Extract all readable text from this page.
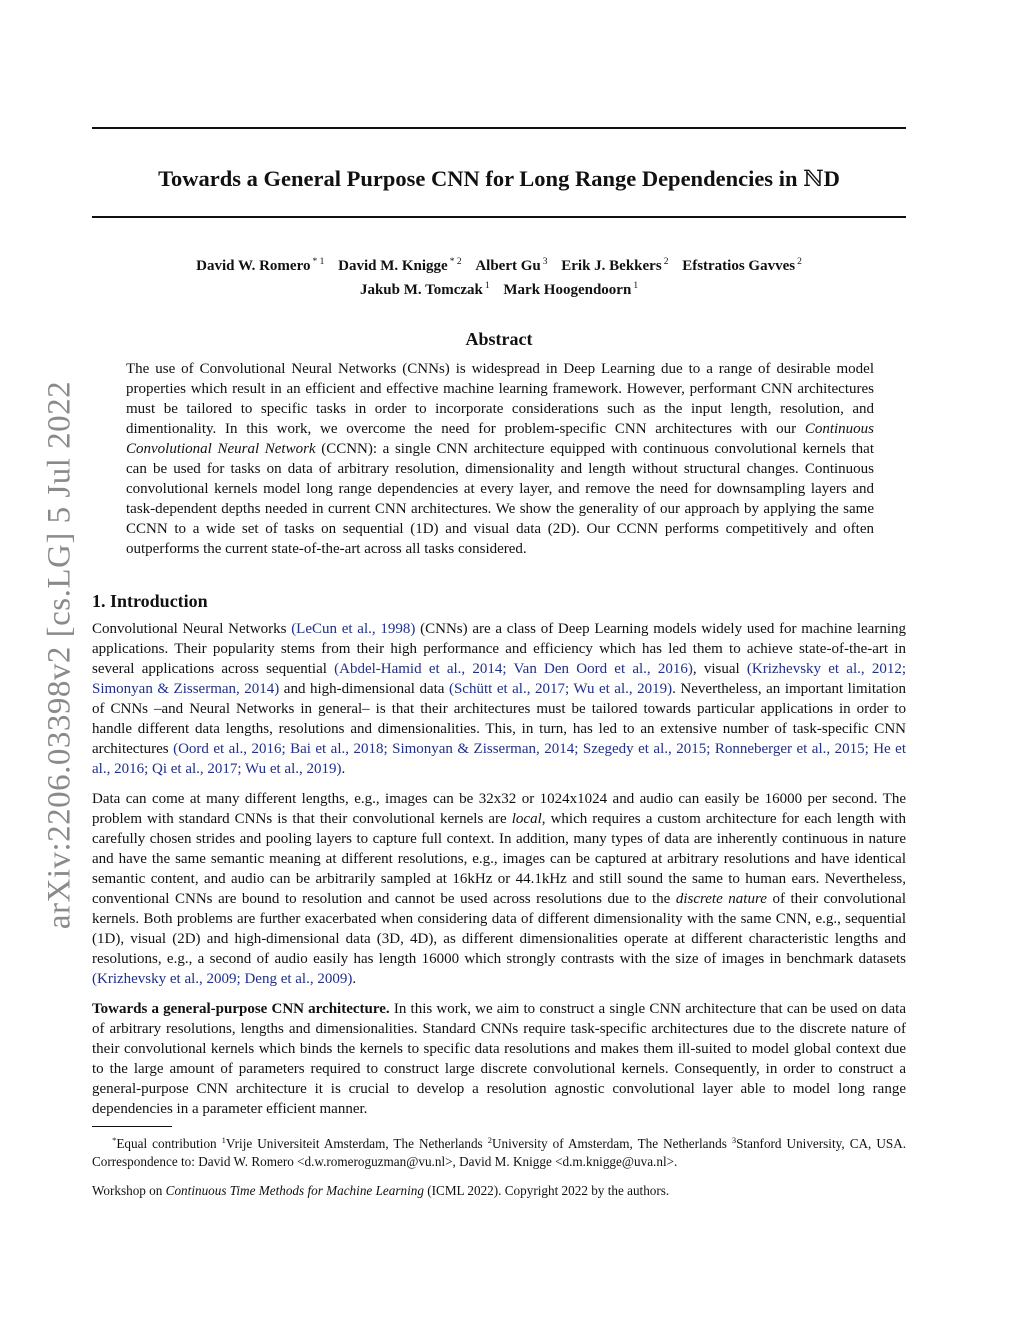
arXiv:2206.03398v2 [cs.LG] 5 Jul 2022
Towards a General Purpose CNN for Long Range Dependencies in ℕD
David W. Romero $^{* 1}$ David M. Knigge $^{* 2}$ Albert Gu $^3$ Erik J. Bekkers $^2$ Efstratios Gavves $^2$
Jakub M. Tomczak $^1$ Mark Hoogendoorn $^1$
Abstract

The use of Convolutional Neural Networks (CNNs) is widespread in Deep Learning due to a range of desirable model properties which result in an efficient and effective machine learning framework. However, performant CNN architectures must be tailored to specific tasks in order to incorporate considerations such as the input length, resolution, and dimentionality. In this work, we overcome the need for problem-specific CNN architectures with our Continuous Convolutional Neural Network (CCNN): a single CNN architecture equipped with continuous convolutional kernels that can be used for tasks on data of arbitrary resolution, dimensionality and length without structural changes. Continuous convolutional kernels model long range dependencies at every layer, and remove the need for downsampling layers and task-dependent depths needed in current CNN architectures. We show the generality of our approach by applying the same CCNN to a wide set of tasks on sequential (1D) and visual data (2D). Our CCNN performs competitively and often outperforms the current state-of-the-art across all tasks considered.

1. Introduction

Convolutional Neural Networks (LeCun et al., 1998) (CNNs) are a class of Deep Learning models widely used for machine learning applications. Their popularity stems from their high performance and efficiency which has led them to achieve state-of-the-art in several applications across sequential (Abdel-Hamid et al., 2014; Van Den Oord et al., 2016), visual (Krizhevsky et al., 2012; Simonyan & Zisserman, 2014) and high-dimensional data (Schütt et al., 2017; Wu et al., 2019). Nevertheless, an important limitation of CNNs –and Neural Networks in general– is that their architectures must be tailored towards particular applications in order to handle different data lengths, resolutions and dimensionalities. This, in turn, has led to an extensive number of task-specific CNN architectures (Oord et al., 2016; Bai et al., 2018; Simonyan & Zisserman, 2014; Szegedy et al., 2015; Ronneberger et al., 2015; He et al., 2016; Qi et al., 2017; Wu et al., 2019).

Data can come at many different lengths, e.g., images can be 32x32 or 1024x1024 and audio can easily be 16000 per second. The problem with standard CNNs is that their convolutional kernels are local, which requires a custom architecture for each length with carefully chosen strides and pooling layers to capture full context. In addition, many types of data are inherently continuous in nature and have the same semantic meaning at different resolutions, e.g., images can be captured at arbitrary resolutions and have identical semantic content, and audio can be arbitrarily sampled at 16kHz or 44.1kHz and still sound the same to human ears. Nevertheless, conventional CNNs are bound to resolution and cannot be used across resolutions due to the discrete nature of their convolutional kernels. Both problems are further exacerbated when considering data of different dimensionality with the same CNN, e.g., sequential (1D), visual (2D) and high-dimensional data (3D, 4D), as different dimensionalities operate at different characteristic lengths and resolutions, e.g., a second of audio easily has length 16000 which strongly contrasts with the size of images in benchmark datasets (Krizhevsky et al., 2009; Deng et al., 2009).

Towards a general-purpose CNN architecture. In this work, we aim to construct a single CNN architecture that can be used on data of arbitrary resolutions, lengths and dimensionalities. Standard CNNs require task-specific architectures due to the discrete nature of their convolutional kernels which binds the kernels to specific data resolutions and makes them ill-suited to model global context due to the large amount of parameters required to construct large discrete convolutional kernels. Consequently, in order to construct a general-purpose CNN architecture it is crucial to develop a resolution agnostic convolutional layer able to model long range dependencies in a parameter efficient manner.

*Equal contribution $^1$Vrije Universiteit Amsterdam, The Netherlands $^2$University of Amsterdam, The Netherlands $^3$Stanford University, CA, USA. Correspondence to: David W. Romero <d.w.romeroguzman@vu.nl>, David M. Knigge <d.m.knigge@uva.nl>.

Workshop on Continuous Time Methods for Machine Learning (ICML 2022). Copyright 2022 by the authors.
